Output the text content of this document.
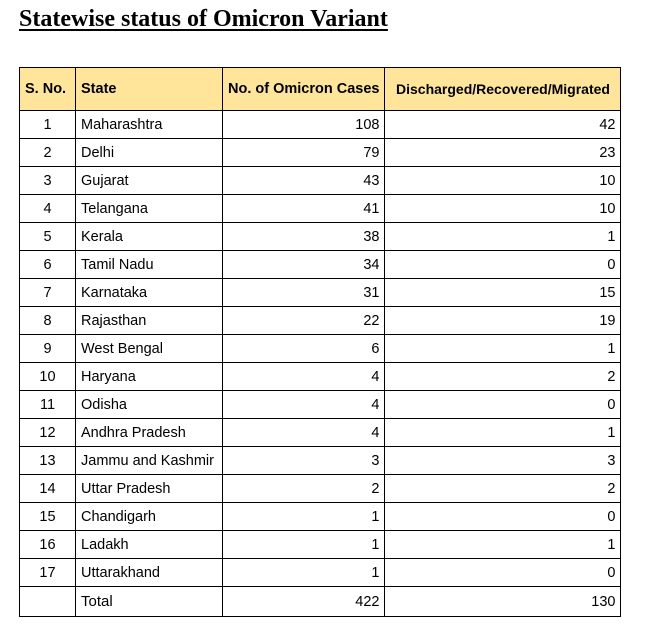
Statewise status of Omicron Variant
S. No.	State	No. of Omicron Cases	Discharged/Recovered/Migrated
1	Maharashtra	108	42
2	Delhi	79	23
3	Gujarat	43	10
4	Telangana	41	10
5	Kerala	38	1
6	Tamil Nadu	34	0
7	Karnataka	31	15
8	Rajasthan	22	19
9	West Bengal	6	1
10	Haryana	4	2
11	Odisha	4	0
12	Andhra Pradesh	4	1
13	Jammu and Kashmir	3	3
14	Uttar Pradesh	2	2
15	Chandigarh	1	0
16	Ladakh	1	1
17	Uttarakhand	1	0
	Total	422	130
